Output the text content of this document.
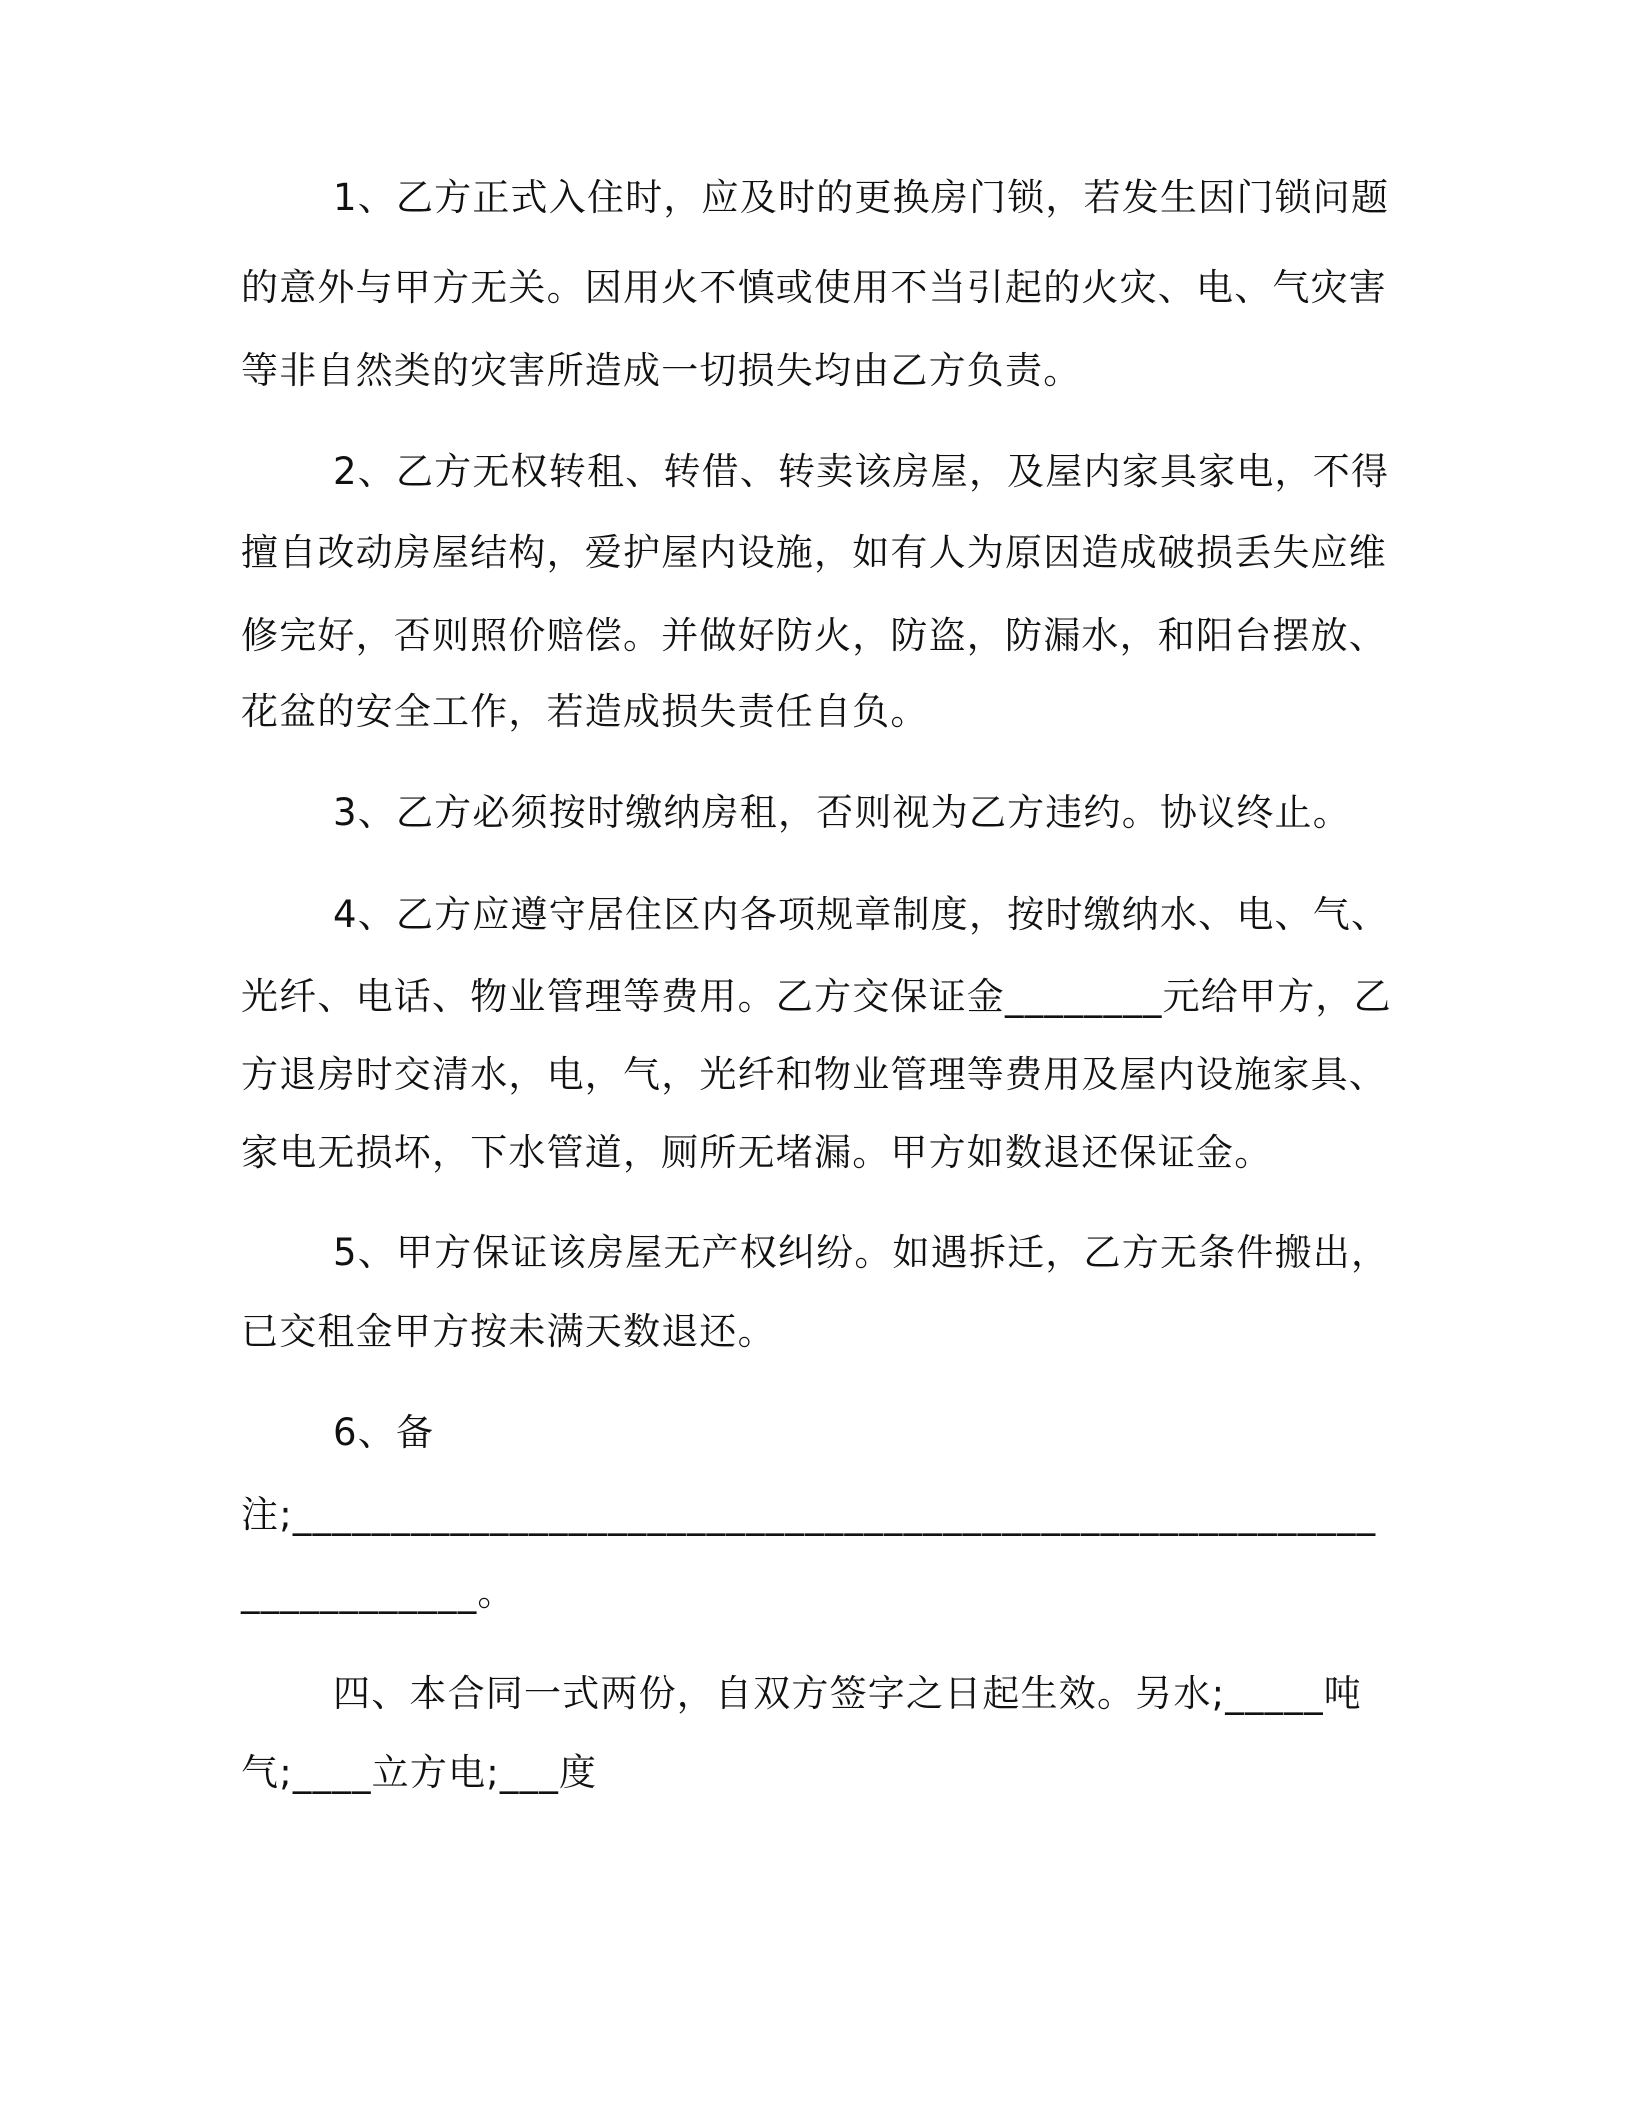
1、乙方正式入住时，应及时的更换房门锁，若发生因门锁问题

的意外与甲方无关。因用火不慎或使用不当引起的火灾、电、气灾害

等非自然类的灾害所造成一切损失均由乙方负责。

2、乙方无权转租、转借、转卖该房屋，及屋内家具家电，不得

擅自改动房屋结构，爱护屋内设施，如有人为原因造成破损丢失应维

修完好，否则照价赔偿。并做好防火，防盗，防漏水，和阳台摆放、

花盆的安全工作，若造成损失责任自负。

3、乙方必须按时缴纳房租，否则视为乙方违约。协议终止。

4、乙方应遵守居住区内各项规章制度，按时缴纳水、电、气、

光纤、电话、物业管理等费用。乙方交保证金________元给甲方，乙

方退房时交清水，电，气，光纤和物业管理等费用及屋内设施家具、

家电无损坏，下水管道，厕所无堵漏。甲方如数退还保证金。

5、甲方保证该房屋无产权纠纷。如遇拆迁，乙方无条件搬出，

已交租金甲方按未满天数退还。

6、备

注;_______________________________________________________

____________。

四、本合同一式两份，自双方签字之日起生效。另水;_____吨

气;____立方电;___度
